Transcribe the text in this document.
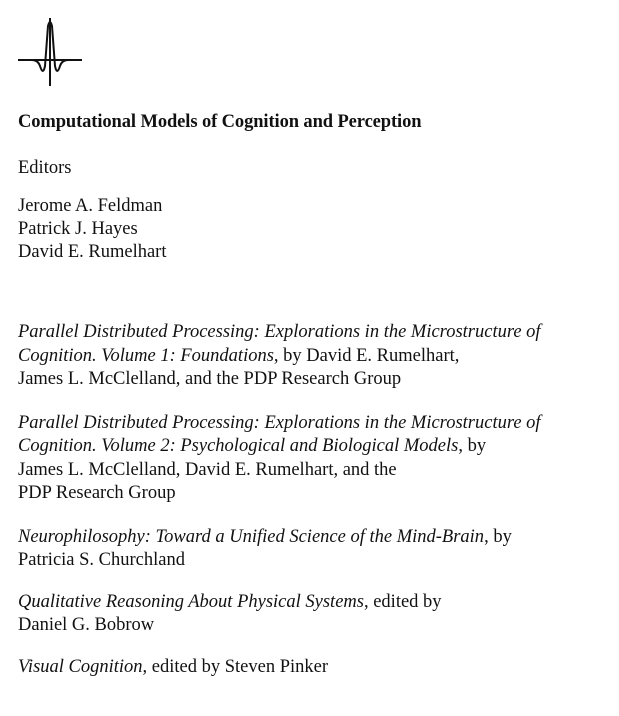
Computational Models of Cognition and Perception
Editors
Jerome A. Feldman
Patrick J. Hayes
David E. Rumelhart
Parallel Distributed Processing: Explorations in the Microstructure of
Cognition. Volume 1: Foundations, by David E. Rumelhart,
James L. McClelland, and the PDP Research Group
Parallel Distributed Processing: Explorations in the Microstructure of
Cognition. Volume 2: Psychological and Biological Models, by
James L. McClelland, David E. Rumelhart, and the
PDP Research Group
Neurophilosophy: Toward a Unified Science of the Mind-Brain, by
Patricia S. Churchland
Qualitative Reasoning About Physical Systems, edited by
Daniel G. Bobrow
Visual Cognition, edited by Steven Pinker
